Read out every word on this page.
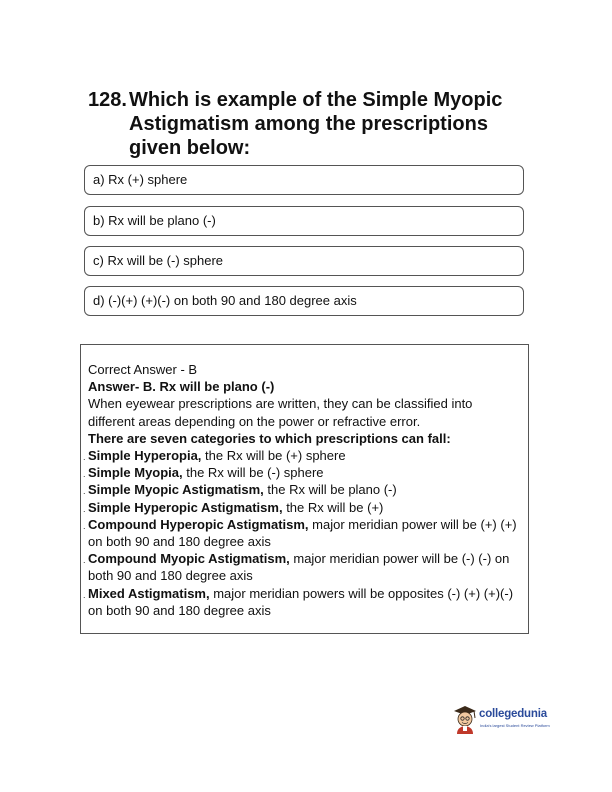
128. Which is example of the Simple Myopic Astigmatism among the prescriptions given below:
a) Rx (+) sphere
b) Rx will be plano (-)
c) Rx will be (-) sphere
d) (-)(+) (+)(-) on both 90 and 180 degree axis

Correct Answer - B

Answer- B. Rx will be plano (-)

When eyewear prescriptions are written, they can be classified into different areas depending on the power or refractive error.

There are seven categories to which prescriptions can fall:

. Simple Hyperopia, the Rx will be (+) sphere

. Simple Myopia, the Rx will be (-) sphere

. Simple Myopic Astigmatism, the Rx will be plano (-)

. Simple Hyperopic Astigmatism, the Rx will be (+)

. Compound Hyperopic Astigmatism, major meridian power will be (+) (+) on both 90 and 180 degree axis

. Compound Myopic Astigmatism, major meridian power will be (-) (-) on both 90 and 180 degree axis

. Mixed Astigmatism, major meridian powers will be opposites (-) (+) (+)(-) on both 90 and 180 degree axis

collegedunia
India's largest Student Review Platform
